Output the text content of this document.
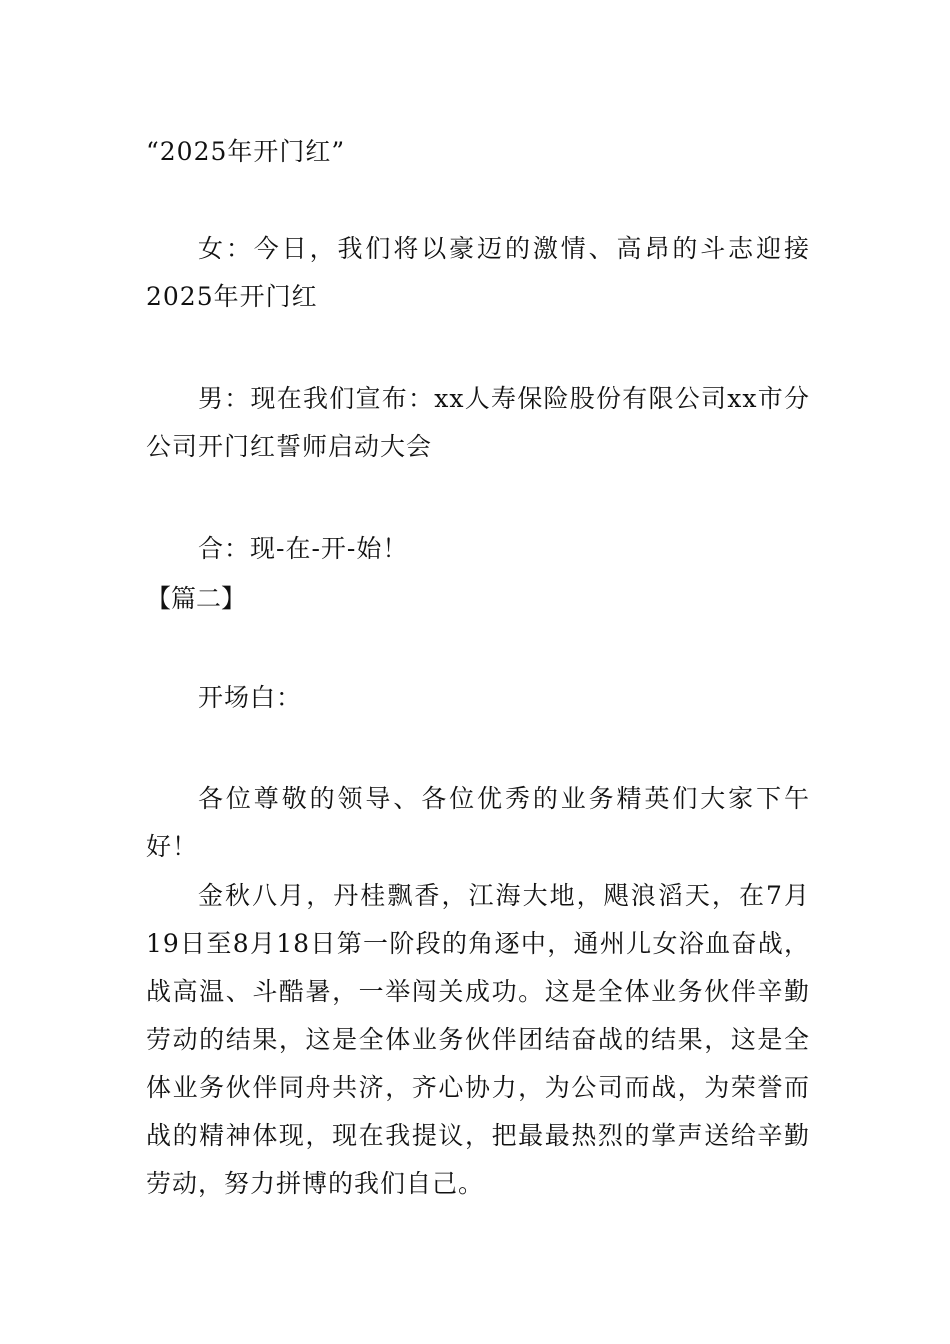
“2025年开门红”

女：今日，我们将以豪迈的激情、高昂的斗志迎接2025年开门红

男：现在我们宣布：xx人寿保险股份有限公司xx市分公司开门红誓师启动大会

合：现-在-开-始！

【篇二】

开场白：

各位尊敬的领导、各位优秀的业务精英们大家下午好！

金秋八月，丹桂飘香，江海大地，飓浪滔天，在7月19日至8月18日第一阶段的角逐中，通州儿女浴血奋战，战高温、斗酷暑，一举闯关成功。这是全体业务伙伴辛勤劳动的结果，这是全体业务伙伴团结奋战的结果，这是全体业务伙伴同舟共济，齐心协力，为公司而战，为荣誉而战的精神体现，现在我提议，把最最热烈的掌声送给辛勤劳动，努力拼博的我们自己。
